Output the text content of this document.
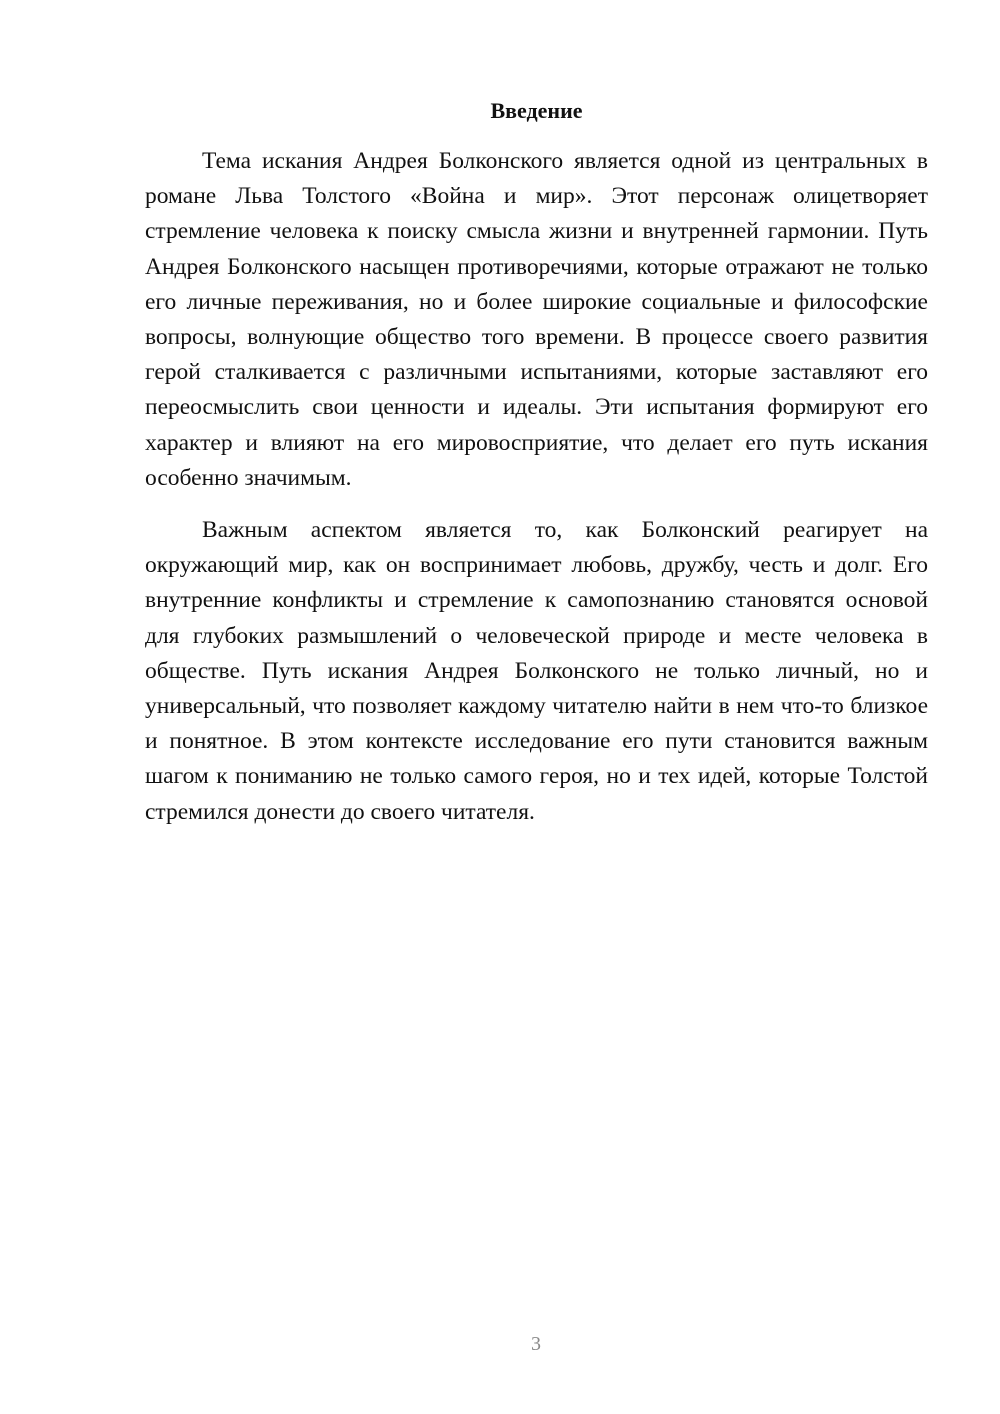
Введение

Тема искания Андрея Болконского является одной из центральных в романе Льва Толстого «Война и мир». Этот персонаж олицетворяет стремление человека к поиску смысла жизни и внутренней гармонии. Путь Андрея Болконского насыщен противоречиями, которые отражают не только его личные переживания, но и более широкие социальные и философские вопросы, волнующие общество того времени. В процессе своего развития герой сталкивается с различными испытаниями, которые заставляют его переосмыслить свои ценности и идеалы. Эти испытания формируют его характер и влияют на его мировосприятие, что делает его путь искания особенно значимым.

Важным аспектом является то, как Болконский реагирует на окружающий мир, как он воспринимает любовь, дружбу, честь и долг. Его внутренние конфликты и стремление к самопознанию становятся основой для глубоких размышлений о человеческой природе и месте человека в обществе. Путь искания Андрея Болконского не только личный, но и универсальный, что позволяет каждому читателю найти в нем что-то близкое и понятное. В этом контексте исследование его пути становится важным шагом к пониманию не только самого героя, но и тех идей, которые Толстой стремился донести до своего читателя.

3
